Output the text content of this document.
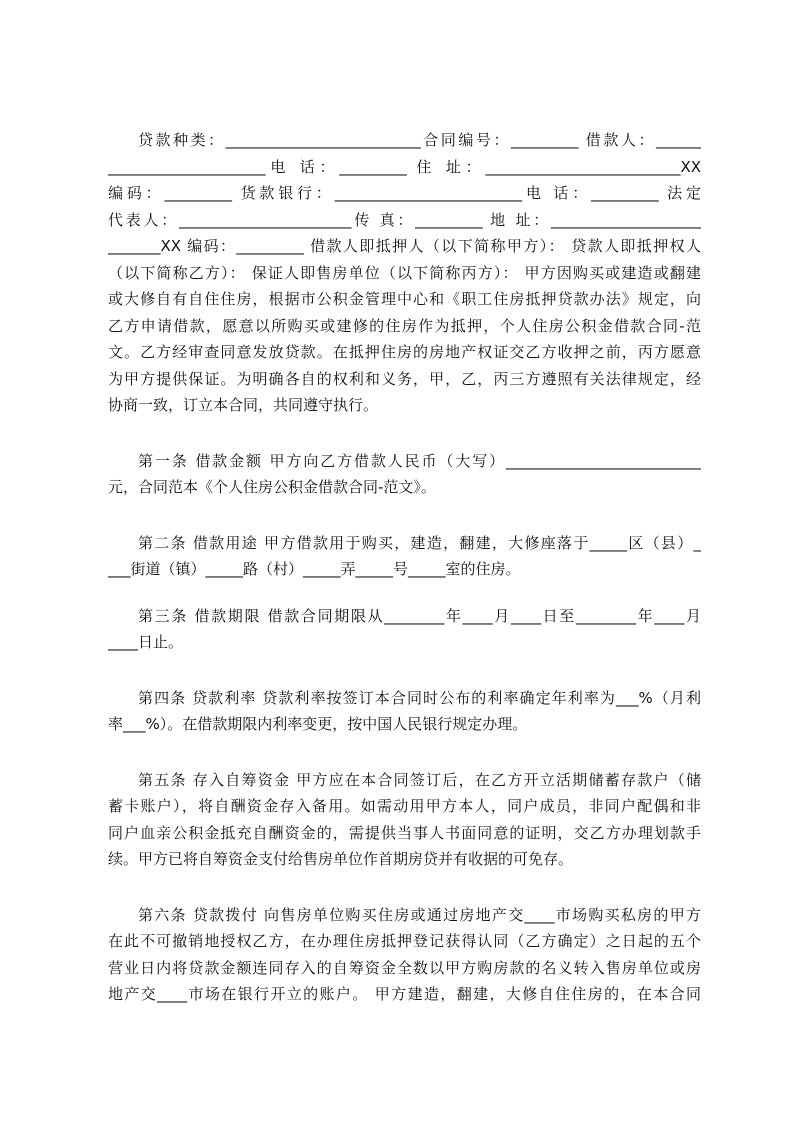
贷款种类：__________________________合同编号：_________ 借款人：______
_____________________电 话：_________ 住 址：__________________________XX
编码：_________ 货款银行：_________________________电 话：_________ 法定
代表人：_______________________传 真：_________ 地 址：____________________
_______XX 编码：_________ 借款人即抵押人（以下简称甲方）： 贷款人即抵押权人
（以下简称乙方）： 保证人即售房单位（以下简称丙方）： 甲方因购买或建造或翻建
或大修自有自住住房，根据市公积金管理中心和《职工住房抵押贷款办法》规定，向
乙方申请借款，愿意以所购买或建修的住房作为抵押，个人住房公积金借款合同-范
文。乙方经审查同意发放贷款。在抵押住房的房地产权证交乙方收押之前，丙方愿意
为甲方提供保证。为明确各自的权利和义务，甲，乙，丙三方遵照有关法律规定，经
协商一致，订立本合同，共同遵守执行。
第一条 借款金额 甲方向乙方借款人民币（大写）__________________________
元，合同范本《个人住房公积金借款合同-范文》。
第二条 借款用途 甲方借款用于购买，建造，翻建，大修座落于_____区（县）_
___街道（镇）_____路（村）_____弄_____号_____室的住房。
第三条 借款期限 借款合同期限从________年____月____日至________年____月
____日止。
第四条 贷款利率 贷款利率按签订本合同时公布的利率确定年利率为___%（月利
率___%）。在借款期限内利率变更，按中国人民银行规定办理。
第五条 存入自筹资金 甲方应在本合同签订后，在乙方开立活期储蓄存款户（储
蓄卡账户），将自酬资金存入备用。如需动用甲方本人，同户成员，非同户配偶和非
同户血亲公积金抵充自酬资金的，需提供当事人书面同意的证明，交乙方办理划款手
续。甲方已将自筹资金支付给售房单位作首期房贷并有收据的可免存。
第六条 贷款拨付 向售房单位购买住房或通过房地产交____市场购买私房的甲方
在此不可撤销地授权乙方，在办理住房抵押登记获得认同（乙方确定）之日起的五个
营业日内将贷款金额连同存入的自筹资金全数以甲方购房款的名义转入售房单位或房
地产交____市场在银行开立的账户。 甲方建造，翻建，大修自住住房的，在本合同
